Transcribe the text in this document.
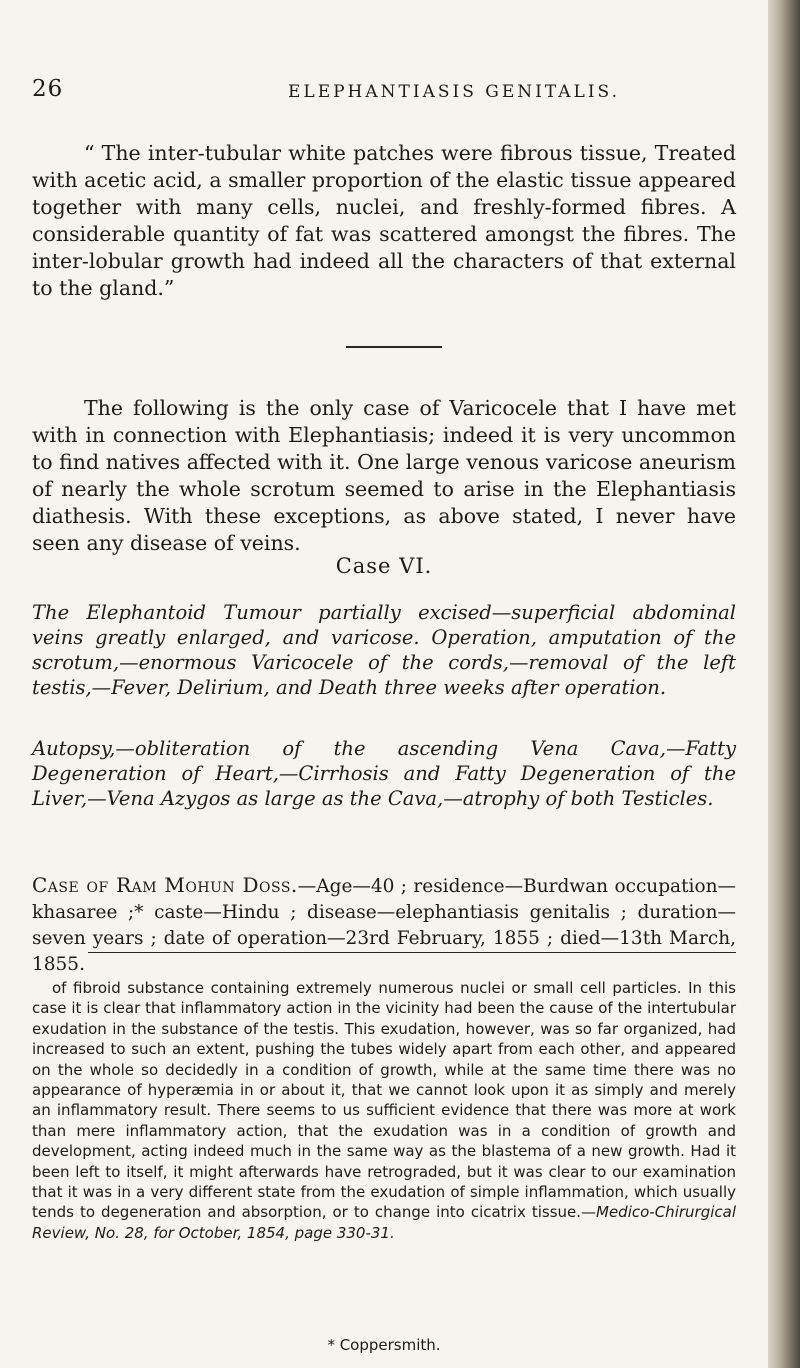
26	ELEPHANTIASIS GENITALIS.

“ The inter-tubular white patches were fibrous tissue, Treated with acetic acid, a smaller proportion of the elastic tissue appeared together with many cells, nuclei, and freshly-formed fibres. A considerable quantity of fat was scattered amongst the fibres. The inter-lobular growth had indeed all the characters of that external to the gland.”

The following is the only case of Varicocele that I have met with in connection with Elephantiasis; indeed it is very uncommon to find natives affected with it. One large venous varicose aneurism of nearly the whole scrotum seemed to arise in the Elephantiasis diathesis. With these exceptions, as above stated, I never have seen any disease of veins.

Case VI.

The Elephantoid Tumour partially excised—superficial abdominal veins greatly enlarged, and varicose. Operation, amputation of the scrotum,—enormous Varicocele of the cords,—removal of the left testis,—Fever, Delirium, and Death three weeks after operation.

Autopsy,—obliteration of the ascending Vena Cava,—Fatty Degeneration of Heart,—Cirrhosis and Fatty Degeneration of the Liver,—Vena Azygos as large as the Cava,—atrophy of both Testicles.

Case of Ram Mohun Doss.—Age—40 ; residence—Burdwan occupation—khasaree ;* caste—Hindu ; disease—elephantiasis genitalis ; duration—seven years ; date of operation—23rd February, 1855 ; died—13th March, 1855.

of fibroid substance containing extremely numerous nuclei or small cell particles. In this case it is clear that inflammatory action in the vicinity had been the cause of the intertubular exudation in the substance of the testis. This exudation, however, was so far organized, had increased to such an extent, pushing the tubes widely apart from each other, and appeared on the whole so decidedly in a condition of growth, while at the same time there was no appearance of hyperæmia in or about it, that we cannot look upon it as simply and merely an inflammatory result. There seems to us sufficient evidence that there was more at work than mere inflammatory action, that the exudation was in a condition of growth and development, acting indeed much in the same way as the blastema of a new growth. Had it been left to itself, it might afterwards have retrograded, but it was clear to our examination that it was in a very different state from the exudation of simple inflammation, which usually tends to degeneration and absorption, or to change into cicatrix tissue.—Medico-Chirurgical Review, No. 28, for October, 1854, page 330-31.

* Coppersmith.
